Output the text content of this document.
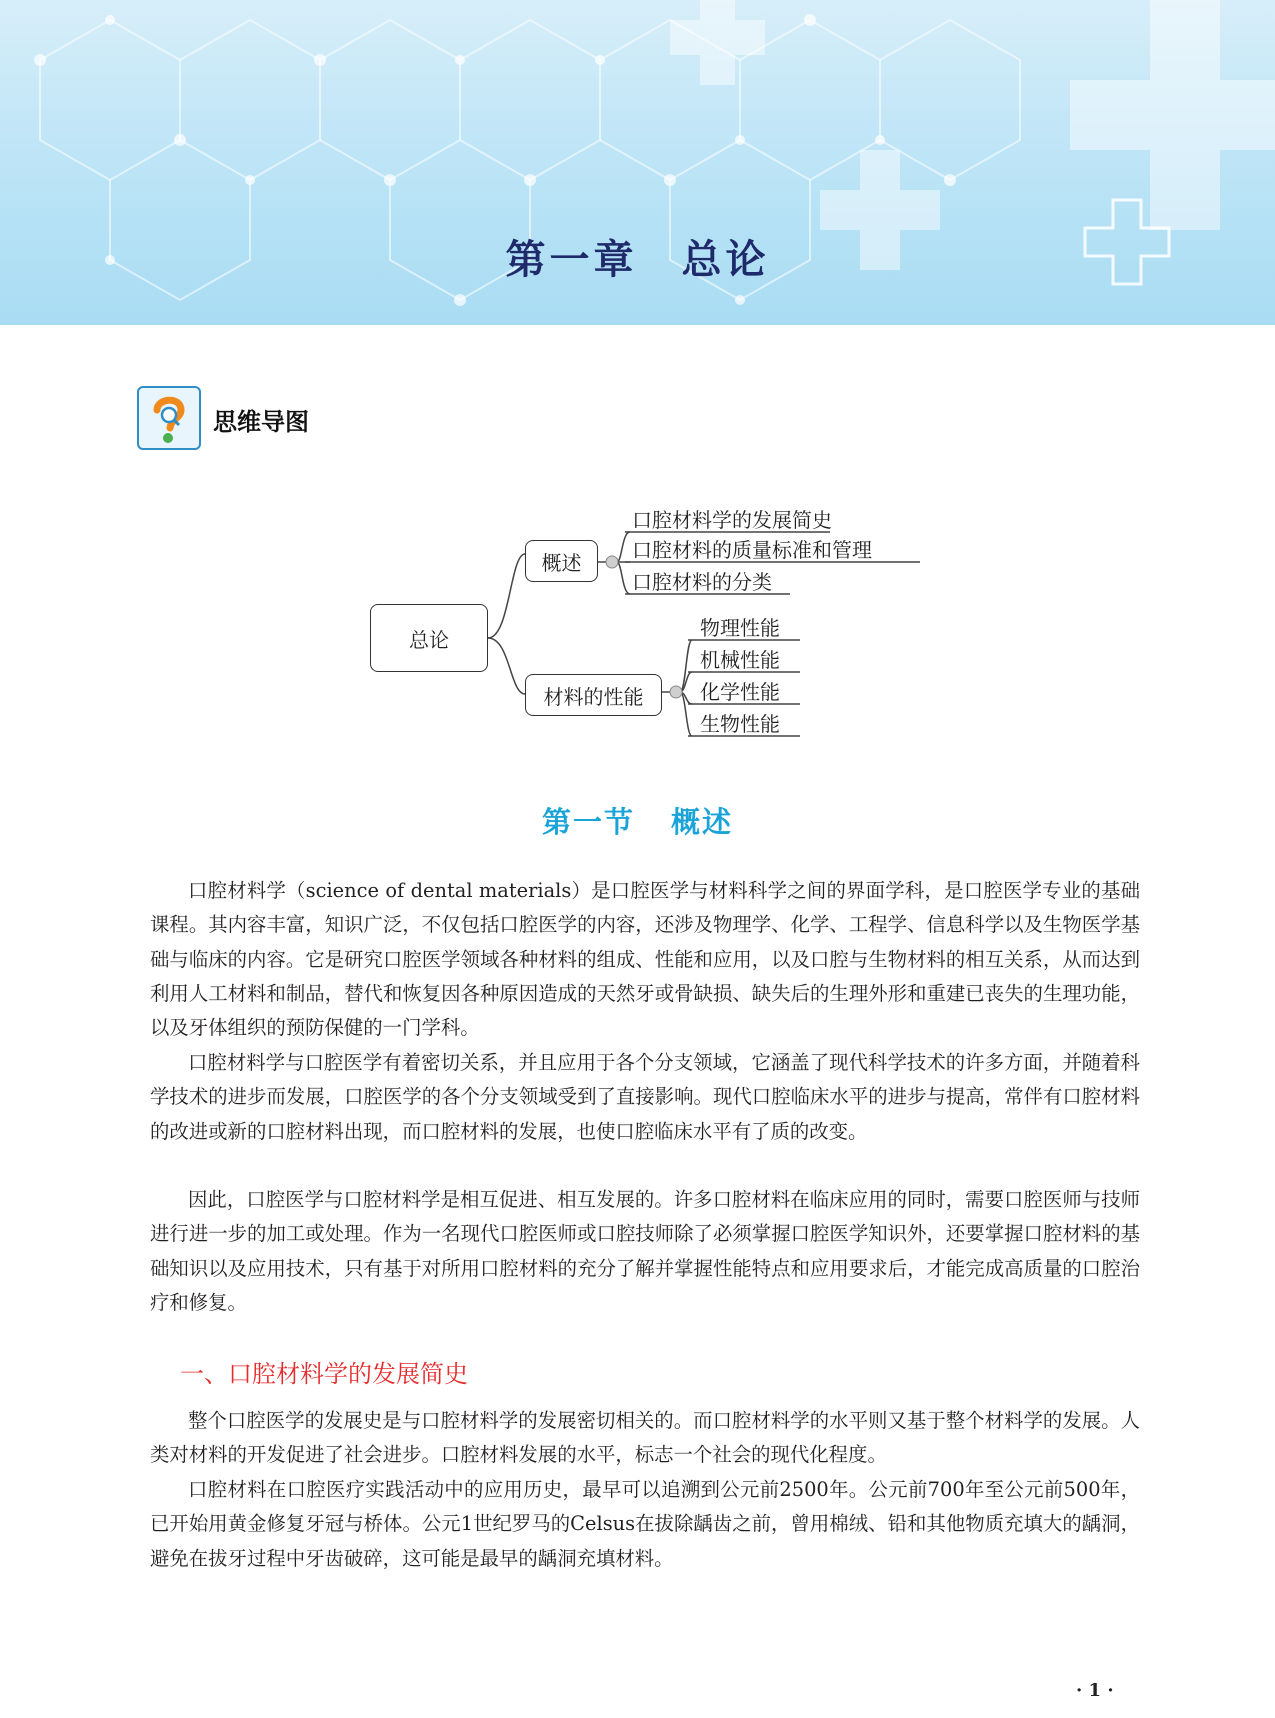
第一章 总论
思维导图
总论
概述
材料的性能
口腔材料学的发展简史
口腔材料的质量标准和管理
口腔材料的分类
物理性能
机械性能
化学性能
生物性能
第一节 概述

口腔材料学（science of dental materials）是口腔医学与材料科学之间的界面学科，是口腔医学专业的基础课程。其内容丰富，知识广泛，不仅包括口腔医学的内容，还涉及物理学、化学、工程学、信息科学以及生物医学基础与临床的内容。它是研究口腔医学领域各种材料的组成、性能和应用，以及口腔与生物材料的相互关系，从而达到利用人工材料和制品，替代和恢复因各种原因造成的天然牙或骨缺损、缺失后的生理外形和重建已丧失的生理功能，以及牙体组织的预防保健的一门学科。

口腔材料学与口腔医学有着密切关系，并且应用于各个分支领域，它涵盖了现代科学技术的许多方面，并随着科学技术的进步而发展，口腔医学的各个分支领域受到了直接影响。现代口腔临床水平的进步与提高，常伴有口腔材料的改进或新的口腔材料出现，而口腔材料的发展，也使口腔临床水平有了质的改变。

因此，口腔医学与口腔材料学是相互促进、相互发展的。许多口腔材料在临床应用的同时，需要口腔医师与技师进行进一步的加工或处理。作为一名现代口腔医师或口腔技师除了必须掌握口腔医学知识外，还要掌握口腔材料的基础知识以及应用技术，只有基于对所用口腔材料的充分了解并掌握性能特点和应用要求后，才能完成高质量的口腔治疗和修复。

一、口腔材料学的发展简史

整个口腔医学的发展史是与口腔材料学的发展密切相关的。而口腔材料学的水平则又基于整个材料学的发展。人类对材料的开发促进了社会进步。口腔材料发展的水平，标志一个社会的现代化程度。

口腔材料在口腔医疗实践活动中的应用历史，最早可以追溯到公元前2500年。公元前700年至公元前500年，已开始用黄金修复牙冠与桥体。公元1世纪罗马的Celsus在拔除龋齿之前，曾用棉绒、铅和其他物质充填大的龋洞，避免在拔牙过程中牙齿破碎，这可能是最早的龋洞充填材料。

· 1 ·
